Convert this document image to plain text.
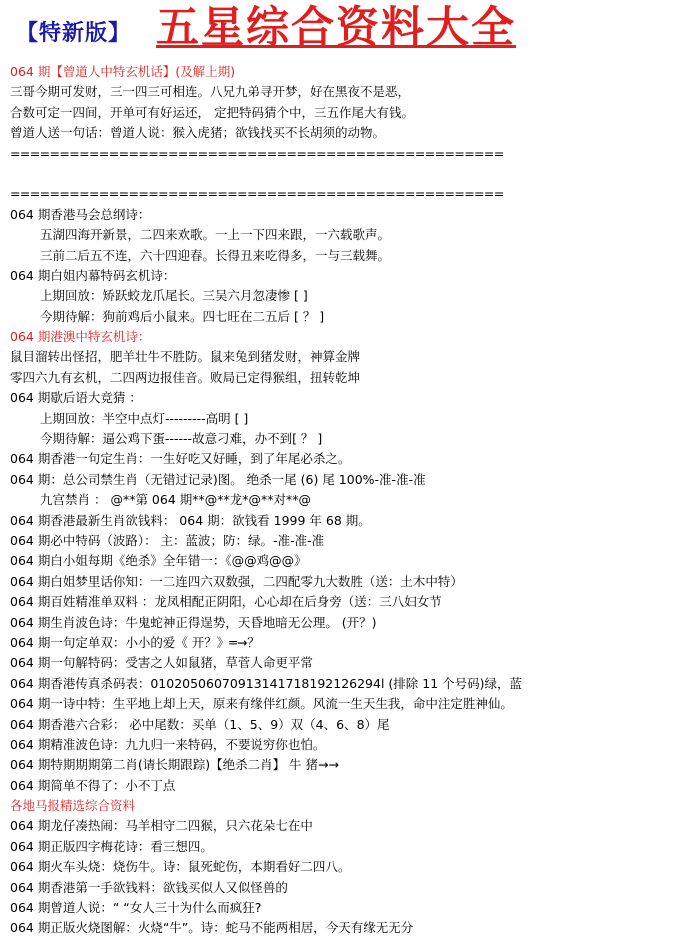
【特新版】 五星综合资料大全
064 期【曾道人中特玄机话】(及解上期)
三哥今期可发财，三一四三可相连。八兄九弟寻开梦，好在黑夜不是恶，
合数可定一四间，开单可有好运还， 定把特码猜个中，三五作尾大有钱。
曾道人送一句话：曾道人说：猴入虎猪；欲钱找买不长胡须的动物。
==================================================
==================================================
064 期香港马会总纲诗：
五湖四海开新景，二四来欢歌。一上一下四来跟，一六载歌声。
三前二后五不连，六十四迎春。长得丑来吃得多，一与三载舞。
064 期白姐内幕特码玄机诗：
上期回放：矫跃蛟龙爪尾长。三吴六月忽凄惨 [ ]
今期待解：狗前鸡后小鼠来。四七旺在二五后 [ ？ ]
064 期港澳中特玄机诗：
鼠目溜转出怪招，肥羊壮牛不胜防。鼠来兔到猪发财，神算金牌
零四六九有玄机，二四两边报佳音。败局已定得猴组，扭转乾坤
064 期歇后语大竞猜 ：
上期回放：半空中点灯---------高明 [ ]
今期待解：逼公鸡下蛋------故意刁难，办不到[ ？ ]
064 期香港一句定生肖：一生好吃又好睡，到了年尾必杀之。
064 期：总公司禁生肖（无错过记录)图。 绝杀一尾 (6) 尾 100%-准-准-准
九宫禁肖 ： @**第 064 期**@**龙*@**对**@
064 期香港最新生肖欲钱料： 064 期：欲钱看 1999 年 68 期。
064 期必中特码（波路）： 主：蓝波；防：绿。-准-准-准
064 期白小姐每期《绝杀》全年错一：《@@鸡@@》
064 期白姐梦里话你知：一二连四六双数强，二四配零九大数胜（送：土木中特）
064 期百姓精准单双料 ：龙凤相配正阴阳，心心却在后身旁（送：三八妇女节
064 期生肖波色诗：牛鬼蛇神正得逞势，天昏地暗无公理。 (开？)
064 期一句定单双：小小的爱《 开？》═→？
064 期一句解特码：受害之人如鼠猪，草菅人命更平常
064 期香港传真杀码表：01020506070913141718192126294l (排除 11 个号码)绿，蓝
064 期一诗中特：生平地上却上天，原来有缘伴红颜。风流一生天生我，命中注定胜神仙。
064 期香港六合彩： 必中尾数：买单（1、5、9）双（4、6、8）尾
064 期精准波色诗：九九归一来特码，不要说穷你也怕。
064 期特期期期第二肖(请长期跟踪)【绝杀二肖】 牛 猪→→
064 期简单不得了：小不丁点
各地马报精选综合资料
064 期龙仔凑热闹：马羊相守二四猴，只六花朵七在中
064 期正版四字梅花诗：看三想四。
064 期火车头烧：烧伤牛。诗：鼠死蛇伤，本期看好二四八。
064 期香港第一手欲钱料：欲钱买似人又似怪兽的
064 期曾道人说：“ “女人三十为什么而疯狂?
064 期正版火烧图解：火烧“牛”。诗：蛇马不能两相居，今天有缘无无分
